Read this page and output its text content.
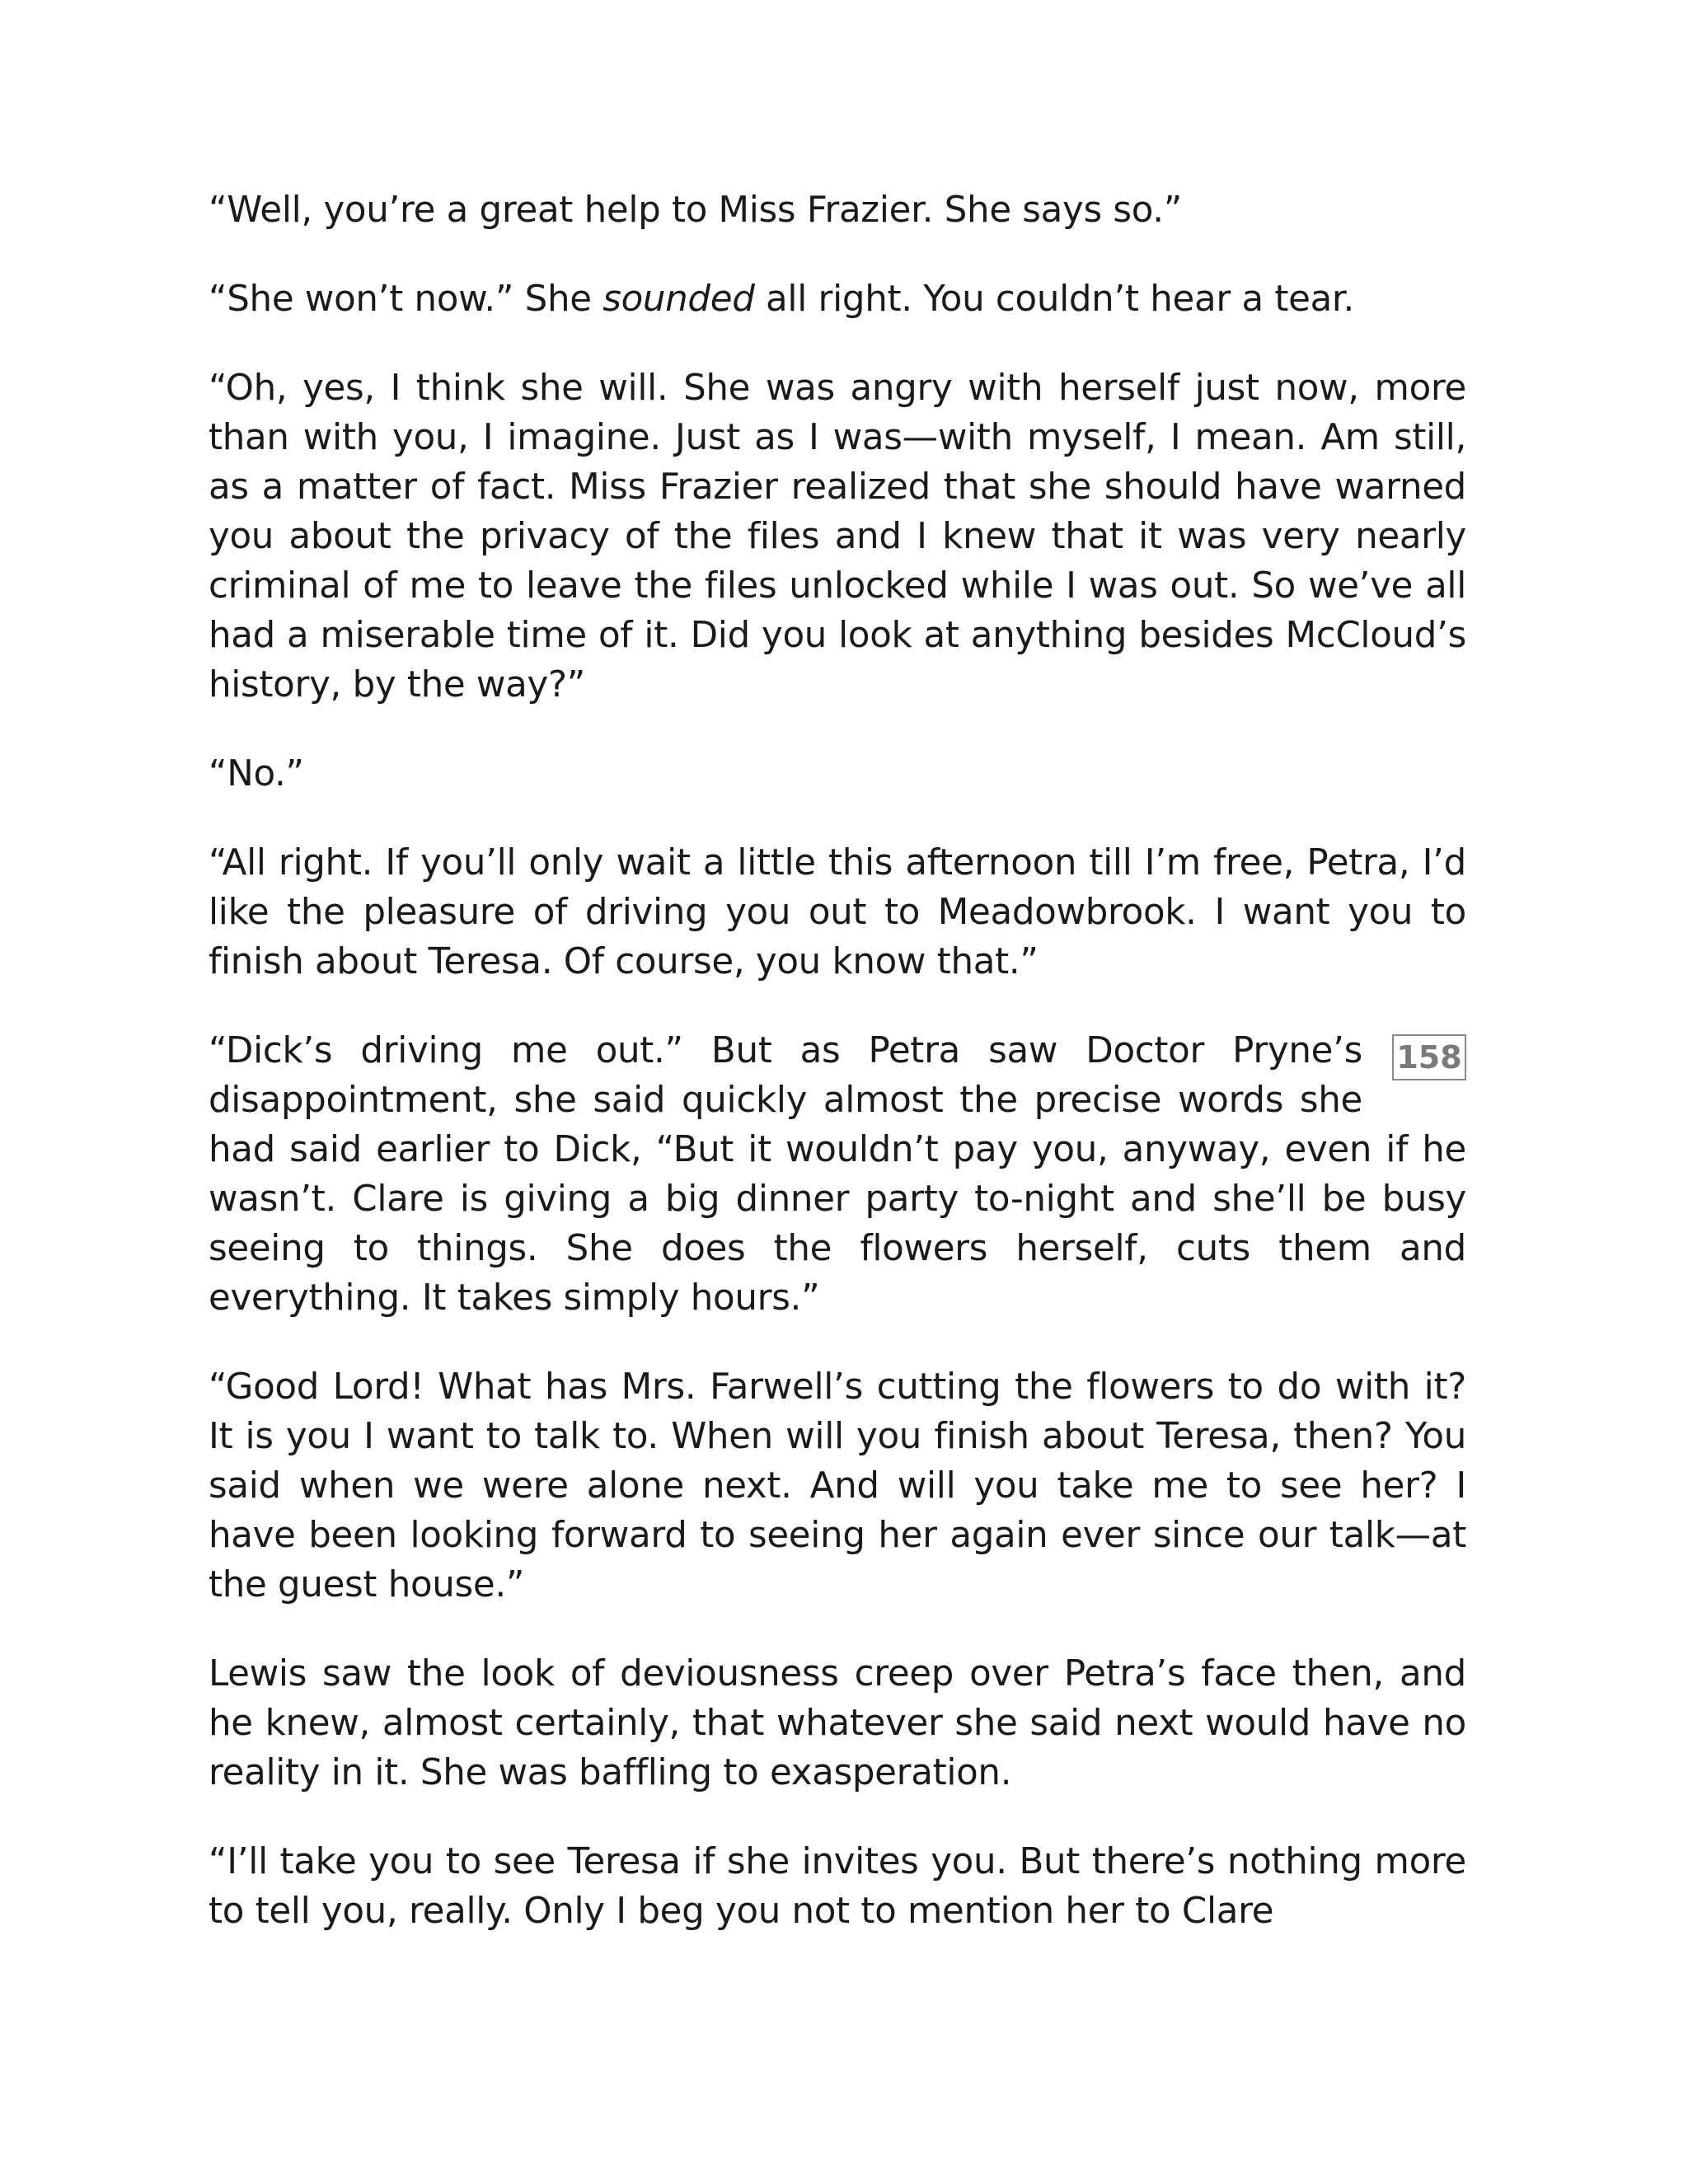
“Well, you’re a great help to Miss Frazier. She says so.”

“She won’t now.” She sounded all right. You couldn’t hear a tear.

“Oh, yes, I think she will. She was angry with herself just now, more than with you, I imagine. Just as I was—with myself, I mean. Am still, as a matter of fact. Miss Frazier realized that she should have warned you about the privacy of the files and I knew that it was very nearly criminal of me to leave the files unlocked while I was out. So we’ve all had a miserable time of it. Did you look at anything besides McCloud’s history, by the way?”

“No.”

“All right. If you’ll only wait a little this afternoon till I’m free, Petra, I’d like the pleasure of driving you out to Meadowbrook. I want you to finish about Teresa. Of course, you know that.”

158
“Dick’s driving me out.” But as Petra saw Doctor Pryne’s disappointment, she said quickly almost the precise words she had said earlier to Dick, “But it wouldn’t pay you, anyway, even if he wasn’t. Clare is giving a big dinner party to-night and she’ll be busy seeing to things. She does the flowers herself, cuts them and everything. It takes simply hours.”

“Good Lord! What has Mrs. Farwell’s cutting the flowers to do with it? It is you I want to talk to. When will you finish about Teresa, then? You said when we were alone next. And will you take me to see her? I have been looking forward to seeing her again ever since our talk—at the guest house.”

Lewis saw the look of deviousness creep over Petra’s face then, and he knew, almost certainly, that whatever she said next would have no reality in it. She was baffling to exasperation.

“I’ll take you to see Teresa if she invites you. But there’s nothing more to tell you, really. Only I beg you not to mention her to Clare
